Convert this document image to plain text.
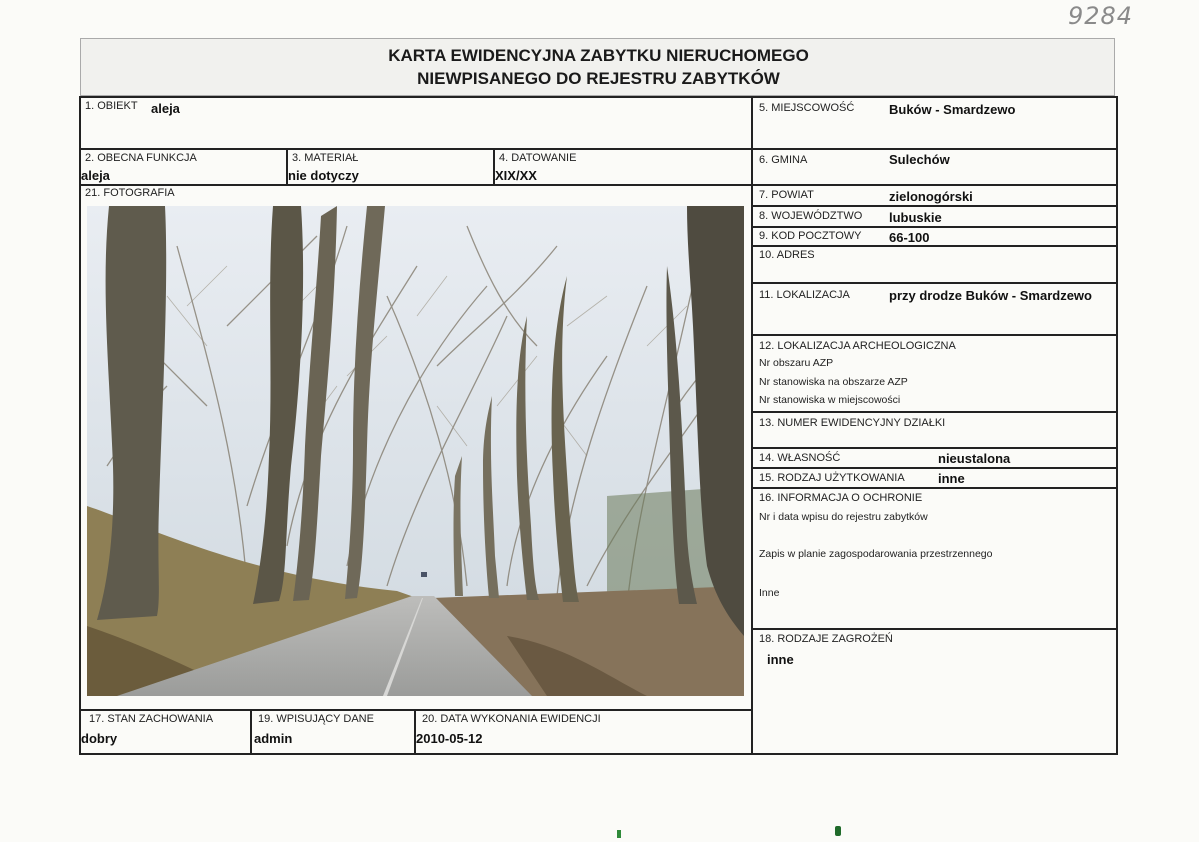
9284
KARTA EWIDENCYJNA ZABYTKU NIERUCHOMEGO
NIEWPISANEGO DO REJESTRU ZABYTKÓW
1. OBIEKT aleja
2. OBECNA FUNKCJA
aleja
3. MATERIAŁ
nie dotyczy
4. DATOWANIE
XIX/XX
21. FOTOGRAFIA
17. STAN ZACHOWANIA
dobry
19. WPISUJĄCY DANE
admin
20. DATA WYKONANIA EWIDENCJI
2010-05-12
5. MIEJSCOWOŚĆ	Buków - Smardzewo
6. GMINA	Sulechów
7. POWIAT	zielonogórski
8. WOJEWÓDZTWO lubuskie
9. KOD POCZTOWY 66-100
10. ADRES
11. LOKALIZACJA	przy drodze Buków - Smardzewo
12. LOKALIZACJA ARCHEOLOGICZNA
Nr obszaru AZP
Nr stanowiska na obszarze AZP
Nr stanowiska w miejscowości
13. NUMER EWIDENCYJNY DZIAŁKI
14. WŁASNOŚĆ	nieustalona
15. RODZAJ UŻYTKOWANIA	inne
16. INFORMACJA O OCHRONIE
Nr i data wpisu do rejestru zabytków
Zapis w planie zagospodarowania przestrzennego
Inne
18. RODZAJE ZAGROŻEŃ
inne
